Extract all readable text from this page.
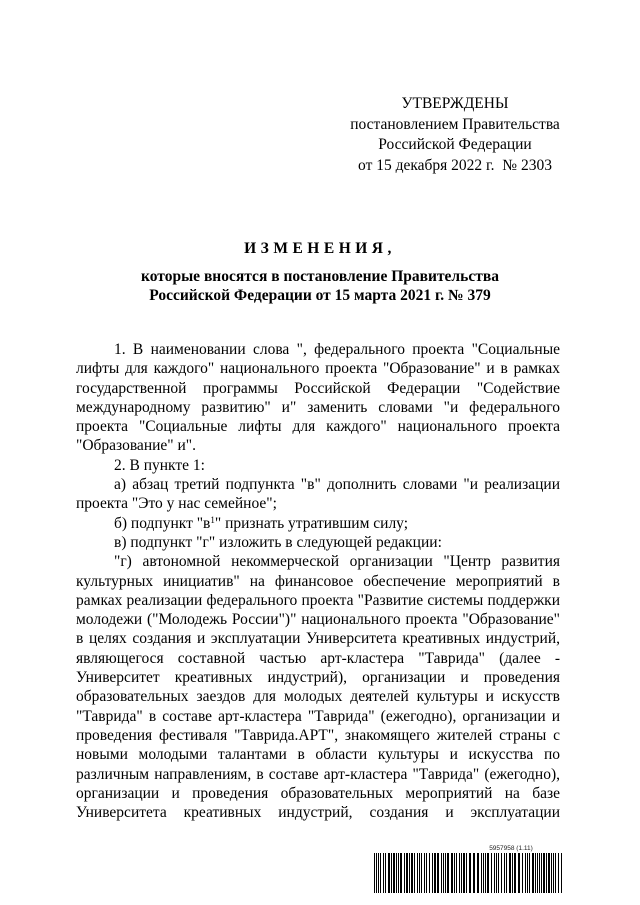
УТВЕРЖДЕНЫ
постановлением Правительства
Российской Федерации
от 15 декабря 2022 г.  № 2303
ИЗМЕНЕНИЯ,
которые вносятся в постановление Правительства
Российской Федерации от 15 марта 2021 г. № 379

1. В наименовании слова ", федерального проекта "Социальные лифты для каждого" национального проекта "Образование" и в рамках государственной программы Российской Федерации "Содействие международному развитию" и" заменить словами "и федерального проекта "Социальные лифты для каждого" национального проекта "Образование" и".

2. В пункте 1:

а) абзац третий подпункта "в" дополнить словами "и реализации проекта "Это у нас семейное";

б) подпункт "$в^1$" признать утратившим силу;

в) подпункт "г" изложить в следующей редакции:

"г) автономной некоммерческой организации "Центр развития культурных инициатив" на финансовое обеспечение мероприятий в рамках реализации федерального проекта "Развитие системы поддержки молодежи ("Молодежь России")" национального проекта "Образование" в целях создания и эксплуатации Университета креативных индустрий, являющегося составной частью арт-кластера "Таврида" (далее - Университет креативных индустрий), организации и проведения образовательных заездов для молодых деятелей культуры и искусств "Таврида" в составе арт-кластера "Таврида" (ежегодно), организации и проведения фестиваля "Таврида.АРТ", знакомящего жителей страны с новыми молодыми талантами в области культуры и искусства по различным направлениям, в составе арт-кластера "Таврида" (ежегодно), организации и проведения образовательных мероприятий на базе Университета креативных индустрий, создания и эксплуатации

5957958 (1.11)
